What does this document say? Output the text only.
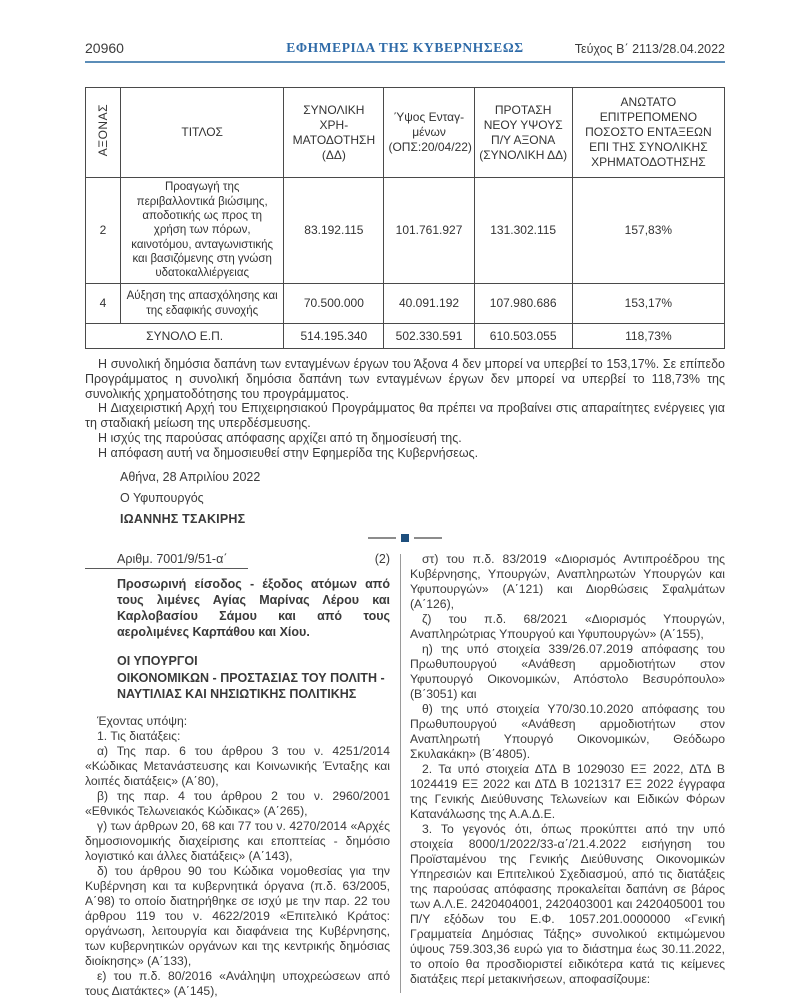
20960	ΕΦΗΜΕΡΙΔΑ ΤΗΣ ΚΥΒΕΡΝΗΣΕΩΣ	Τεύχος Β΄ 2113/28.04.2022
ΑΞΟΝΑΣ	ΤΙΤΛΟΣ	ΣΥΝΟΛΙΚΗ ΧΡΗ-ΜΑΤΟΔΟΤΗΣΗ (ΔΔ)	Ύψος Ενταγ-μένων (ΟΠΣ:20/04/22)	ΠΡΟΤΑΣΗ ΝΕΟΥ ΥΨΟΥΣ Π/Υ ΑΞΟΝΑ (ΣΥΝΟΛΙΚΗ ΔΔ)	ΑΝΩΤΑΤΟ ΕΠΙΤΡΕΠΟΜΕΝΟ ΠΟΣΟΣΤΟ ΕΝΤΑΞΕΩΝ ΕΠΙ ΤΗΣ ΣΥΝΟΛΙΚΗΣ ΧΡΗΜΑΤΟΔΟΤΗΣΗΣ
2	Προαγωγή της περιβαλλοντικά βιώσιμης, αποδοτικής ως προς τη χρήση των πόρων, καινοτόμου, ανταγωνιστικής και βασιζόμενης στη γνώση υδατοκαλλιέργειας	83.192.115	101.761.927	131.302.115	157,83%
4	Αύξηση της απασχόλησης και της εδαφικής συνοχής	70.500.000	40.091.192	107.980.686	153,17%
ΣΥΝΟΛΟ Ε.Π.		514.195.340	502.330.591	610.503.055	118,73%

Η συνολική δημόσια δαπάνη των ενταγμένων έργων του Άξονα 4 δεν μπορεί να υπερβεί το 153,17%. Σε επίπεδο Προγράμματος η συνολική δημόσια δαπάνη των ενταγμένων έργων δεν μπορεί να υπερβεί το 118,73% της συνολικής χρηματοδότησης του προγράμματος.

Η Διαχειριστική Αρχή του Επιχειρησιακού Προγράμματος θα πρέπει να προβαίνει στις απαραίτητες ενέργειες για τη σταδιακή μείωση της υπερδέσμευσης.

Η ισχύς της παρούσας απόφασης αρχίζει από τη δημοσίευσή της.

Η απόφαση αυτή να δημοσιευθεί στην Εφημερίδα της Κυβερνήσεως.

Αθήνα, 28 Απριλίου 2022

Ο Υφυπουργός

ΙΩΑΝΝΗΣ ΤΣΑΚΙΡΗΣ

Αριθμ. 7001/9/51-α΄	(2)
Προσωρινή είσοδος - έξοδος ατόμων από τους λιμένες Αγίας Μαρίνας Λέρου και Καρλοβασίου Σάμου και από τους αερολιμένες Καρπάθου και Χίου.
ΟΙ ΥΠΟΥΡΓΟΙ
ΟΙΚΟΝΟΜΙΚΩΝ - ΠΡΟΣΤΑΣΙΑΣ ΤΟΥ ΠΟΛΙΤΗ -
ΝΑΥΤΙΛΙΑΣ ΚΑΙ ΝΗΣΙΩΤΙΚΗΣ ΠΟΛΙΤΙΚΗΣ

Έχοντας υπόψη:

1. Τις διατάξεις:

α) Της παρ. 6 του άρθρου 3 του ν. 4251/2014 «Κώδικας Μετανάστευσης και Κοινωνικής Ένταξης και λοιπές διατάξεις» (Α΄80),

β) της παρ. 4 του άρθρου 2 του ν. 2960/2001 «Εθνικός Τελωνειακός Κώδικας» (Α΄265),

γ) των άρθρων 20, 68 και 77 του ν. 4270/2014 «Αρχές δημοσιονομικής διαχείρισης και εποπτείας - δημόσιο λογιστικό και άλλες διατάξεις» (Α΄143),

δ) του άρθρου 90 του Κώδικα νομοθεσίας για την Κυβέρνηση και τα κυβερνητικά όργανα (π.δ. 63/2005, Α΄98) το οποίο διατηρήθηκε σε ισχύ με την παρ. 22 του άρθρου 119 του ν. 4622/2019 «Επιτελικό Κράτος: οργάνωση, λειτουργία και διαφάνεια της Κυβέρνησης, των κυβερνητικών οργάνων και της κεντρικής δημόσιας διοίκησης» (Α΄133),

ε) του π.δ. 80/2016 «Ανάληψη υποχρεώσεων από τους Διατάκτες» (Α΄145),

στ) του π.δ. 83/2019 «Διορισμός Αντιπροέδρου της Κυβέρνησης, Υπουργών, Αναπληρωτών Υπουργών και Υφυπουργών» (Α΄121) και Διορθώσεις Σφαλμάτων (Α΄126),

ζ) του π.δ. 68/2021 «Διορισμός Υπουργών, Αναπληρώτριας Υπουργού και Υφυπουργών» (Α΄155),

η) της υπό στοιχεία 339/26.07.2019 απόφασης του Πρωθυπουργού «Ανάθεση αρμοδιοτήτων στον Υφυπουργό Οικονομικών, Απόστολο Βεσυρόπουλο» (Β΄3051) και

θ) της υπό στοιχεία Υ70/30.10.2020 απόφασης του Πρωθυπουργού «Ανάθεση αρμοδιοτήτων στον Αναπληρωτή Υπουργό Οικονομικών, Θεόδωρο Σκυλακάκη» (Β΄4805).

2. Τα υπό στοιχεία ΔΤΔ Β 1029030 ΕΞ 2022, ΔΤΔ Β 1024419 ΕΞ 2022 και ΔΤΔ Β 1021317 ΕΞ 2022 έγγραφα της Γενικής Διεύθυνσης Τελωνείων και Ειδικών Φόρων Κατανάλωσης της Α.Α.Δ.Ε.

3. Το γεγονός ότι, όπως προκύπτει από την υπό στοιχεία 8000/1/2022/33-α΄/21.4.2022 εισήγηση του Προϊσταμένου της Γενικής Διεύθυνσης Οικονομικών Υπηρεσιών και Επιτελικού Σχεδιασμού, από τις διατάξεις της παρούσας απόφασης προκαλείται δαπάνη σε βάρος των Α.Λ.Ε. 2420404001, 2420403001 και 2420405001 του Π/Υ εξόδων του Ε.Φ. 1057.201.0000000 «Γενική Γραμματεία Δημόσιας Τάξης» συνολικού εκτιμώμενου ύψους 759.303,36 ευρώ για το διάστημα έως 30.11.2022, το οποίο θα προσδιοριστεί ειδικότερα κατά τις κείμενες διατάξεις περί μετακινήσεων, αποφασίζουμε:
